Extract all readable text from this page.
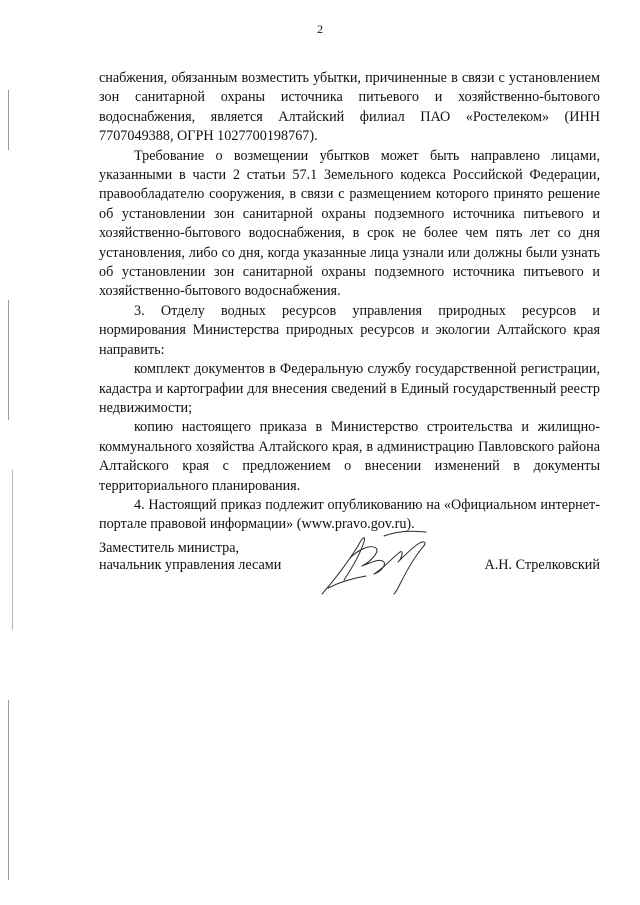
2

снабжения, обязанным возместить убытки, причиненные в связи с установлением зон санитарной охраны источника питьевого и хозяйственно-бытового водоснабжения, является Алтайский филиал ПАО «Ростелеком» (ИНН 7707049388, ОГРН 1027700198767).

Требование о возмещении убытков может быть направлено лицами, указанными в части 2 статьи 57.1 Земельного кодекса Российской Федерации, правообладателю сооружения, в связи с размещением которого принято решение об установлении зон санитарной охраны подземного источника питьевого и хозяйственно-бытового водоснабжения, в срок не более чем пять лет со дня установления, либо со дня, когда указанные лица узнали или должны были узнать об установлении зон санитарной охраны подземного источника питьевого и хозяйственно-бытового водоснабжения.

3. Отделу водных ресурсов управления природных ресурсов и нормирования Министерства природных ресурсов и экологии Алтайского края направить:

комплект документов в Федеральную службу государственной регистрации, кадастра и картографии для внесения сведений в Единый государственный реестр недвижимости;

копию настоящего приказа в Министерство строительства и жилищно-коммунального хозяйства Алтайского края, в администрацию Павловского района Алтайского края с предложением о внесении изменений в документы территориального планирования.

4. Настоящий приказ подлежит опубликованию на «Официальном интернет-портале правовой информации» (www.pravo.gov.ru).

Заместитель министра,
начальник управления лесами	А.Н. Стрелковский
